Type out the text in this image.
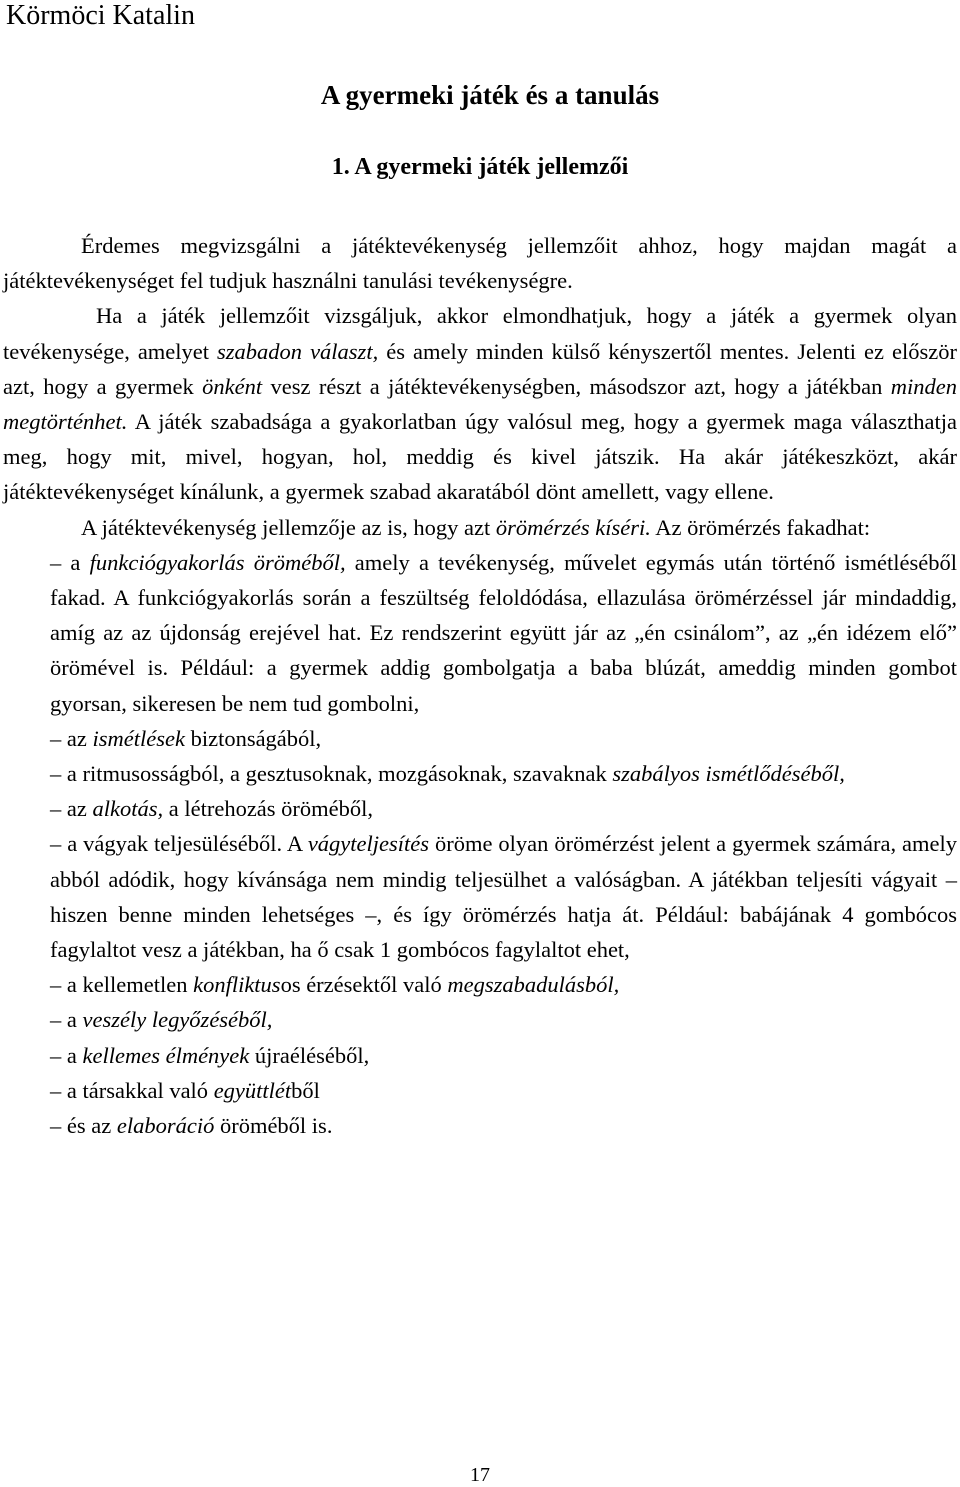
Körmöci Katalin
A gyermeki játék és a tanulás
1. A gyermeki játék jellemzői

Érdemes megvizsgálni a játéktevékenység jellemzőit ahhoz, hogy majdan magát a játéktevékenységet fel tudjuk használni tanulási tevékenységre.

Ha a játék jellemzőit vizsgáljuk, akkor elmondhatjuk, hogy a játék a gyermek olyan tevékenysége, amelyet szabadon választ, és amely minden külső kényszertől mentes. Jelenti ez először azt, hogy a gyermek önként vesz részt a játéktevékenységben, másodszor azt, hogy a játékban minden megtörténhet. A játék szabadsága a gyakorlatban úgy valósul meg, hogy a gyermek maga választhatja meg, hogy mit, mivel, hogyan, hol, meddig és kivel játszik. Ha akár játékeszközt, akár játéktevékenységet kínálunk, a gyermek szabad akaratából dönt amellett, vagy ellene.

A játéktevékenység jellemzője az is, hogy azt örömérzés kíséri. Az örömérzés fakadhat:

– a funkciógyakorlás öröméből, amely a tevékenység, művelet egymás után történő ismétléséből fakad. A funkciógyakorlás során a feszültség feloldódása, ellazulása örömérzéssel jár mindaddig, amíg az az újdonság erejével hat. Ez rendszerint együtt jár az „én csinálom”, az „én idézem elő” örömével is. Például: a gyermek addig gombolgatja a baba blúzát, ameddig minden gombot gyorsan, sikeresen be nem tud gombolni,

– az ismétlések biztonságából,

– a ritmusosságból, a gesztusoknak, mozgásoknak, szavaknak szabályos ismétlődéséből,

– az alkotás, a létrehozás öröméből,

– a vágyak teljesüléséből. A vágyteljesítés öröme olyan örömérzést jelent a gyermek számára, amely abból adódik, hogy kívánsága nem mindig teljesülhet a valóságban. A játékban teljesíti vágyait – hiszen benne minden lehetséges –, és így örömérzés hatja át. Például: babájának 4 gombócos fagylaltot vesz a játékban, ha ő csak 1 gombócos fagylaltot ehet,

– a kellemetlen konfliktusos érzésektől való megszabadulásból,

– a veszély legyőzéséből,

– a kellemes élmények újraéléséből,

– a társakkal való együttlétből

– és az elaboráció öröméből is.

17
